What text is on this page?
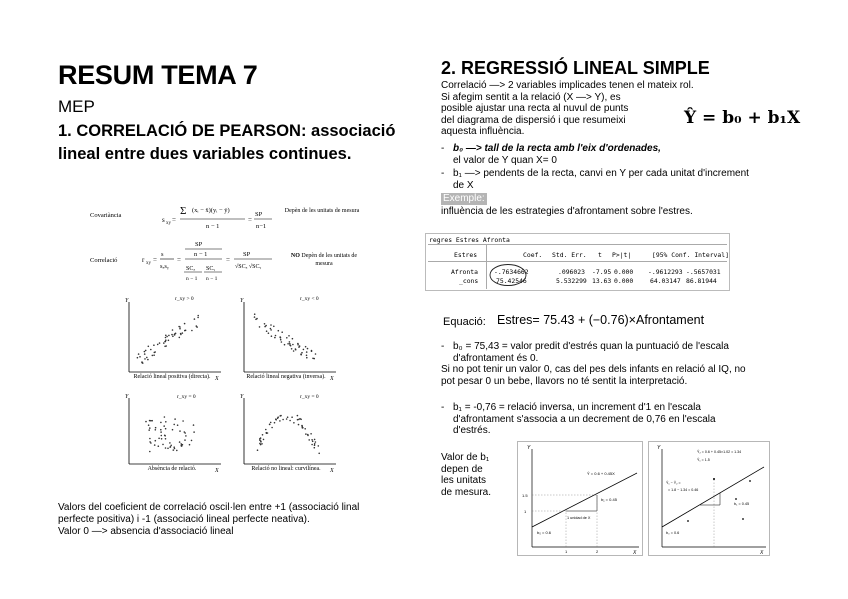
RESUM TEMA 7
MEP
1. CORRELACIÓ DE PEARSON: associació lineal entre dues variables continues.
Covariància
s xy =
Σ (xᵢ − x̄)(yᵢ − ȳ)
n − 1
=
SP
n−1
Depèn de les unitats de mesura
Correlació	r xy =
s
sₓsᵧ
=
SP
n − 1
SCₓ SCᵧ
n − 1 n − 1
=
SP
√SCₓ √SCᵧ
NO Depèn de les unitats de mesura
Y
X
r_xy > 0
Relació lineal positiva (directa).
Y
X
r_xy < 0
Relació lineal negativa (inversa).
Y
X
r_xy = 0
Absència de relació.
Y
X
r_xy = 0
Relació no lineal: curvilínea.
Valors del coeficient de correlació oscil·len entre +1 (associació linal
perfecte positiva) i -1 (associació lineal perfecte neativa).
Valor 0 —> absencia d'associació lineal
2. REGRESSIÓ LINEAL SIMPLE
Correlació —> 2 variables implicades tenen el mateix rol.
Si afegim sentit a la relació (X —> Y), es
posible ajustar una recta al nuvul de punts
del diagrama de dispersió i que resumeixi
aquesta influència.
Ŷ = b₀ + b₁X
- b₀ —> tall de la recta amb l'eix d'ordenades,
el valor de Y quan X= 0
- b₁ —> pendents de la recta, canvi en Y per cada unitat d'increment
de X
Exemple:
influència de les estrategies d'afrontament sobre l'estres.
regres Estres Afronta
Estres	Coef. Std. Err. t P>|t|	[95% Conf. Interval]
Afronta	-.7634662	.096023 -7.95 0.000 -.9612293 -.5657031
_cons	75.42546	5.532299 13.63 0.000	64.03147 86.81944
Equació: Estres= 75.43 + (−0.76)×Afrontament
- b₀ = 75,43 = valor predit d'estrés quan la puntuació de l'escala
d'afrontament és 0.
Si no pot tenir un valor 0, cas del pes dels infants en relació al IQ, no
pot pesar 0 un bebe, llavors no té sentit la interpretació.
- b₁ = -0,76 = relació inversa, un increment d'1 en l'escala
d'afrontament s'associa a un decrement de 0,76 en l'escala
d'estrés.
Valor de b₁
depen de
les unitats
de mesura.
Y
X
Ŷ = 0.6 + 0.45X
b₁ = 0.45
b₀ = 0.6
1 unidad de X
1.5
1
1	2
Y
X
Ŷ₂ = 0.6 + 0.45×1.02 = 1.34
Ŷ₁ = 1.5
Ŷ₁ − Ŷ₂ =
= 1.8 − 1.34 = 0.46
b₁ = 0.45
b₀ = 0.6
